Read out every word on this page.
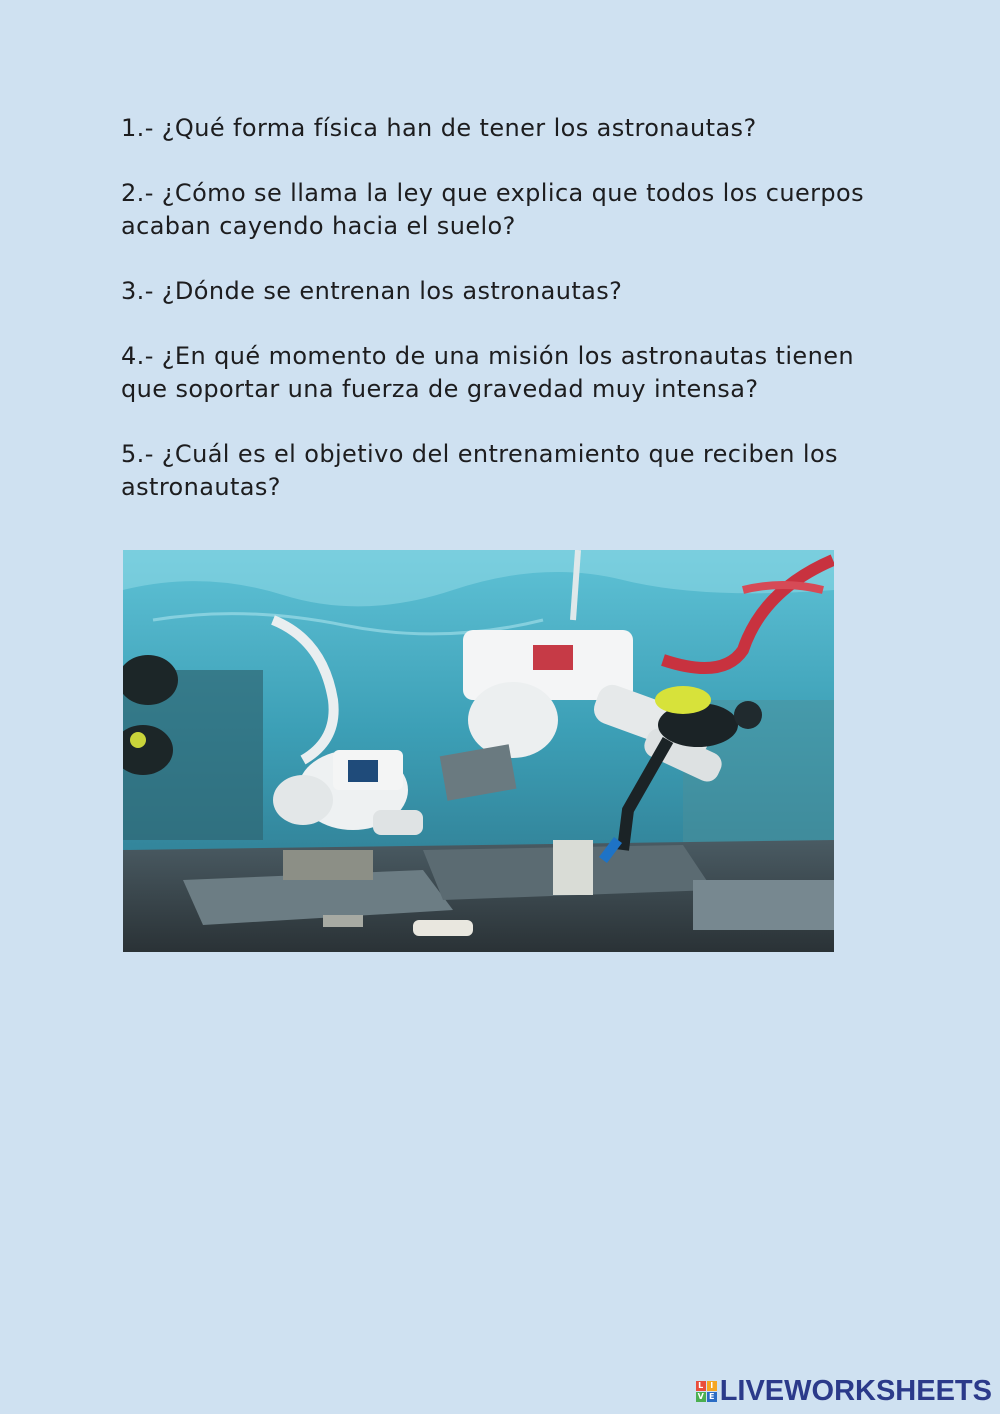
1.- ¿Qué forma física han de tener los astronautas?

2.- ¿Cómo se llama la ley que explica que todos los cuerpos acaban cayendo hacia el suelo?

3.- ¿Dónde se entrenan los astronautas?

4.- ¿En qué momento de una misión los astronautas tienen que soportar una fuerza de gravedad muy intensa?

5.- ¿Cuál es el objetivo del entrenamiento que reciben los astronautas?

L I
V E LIVEWORKSHEETS
